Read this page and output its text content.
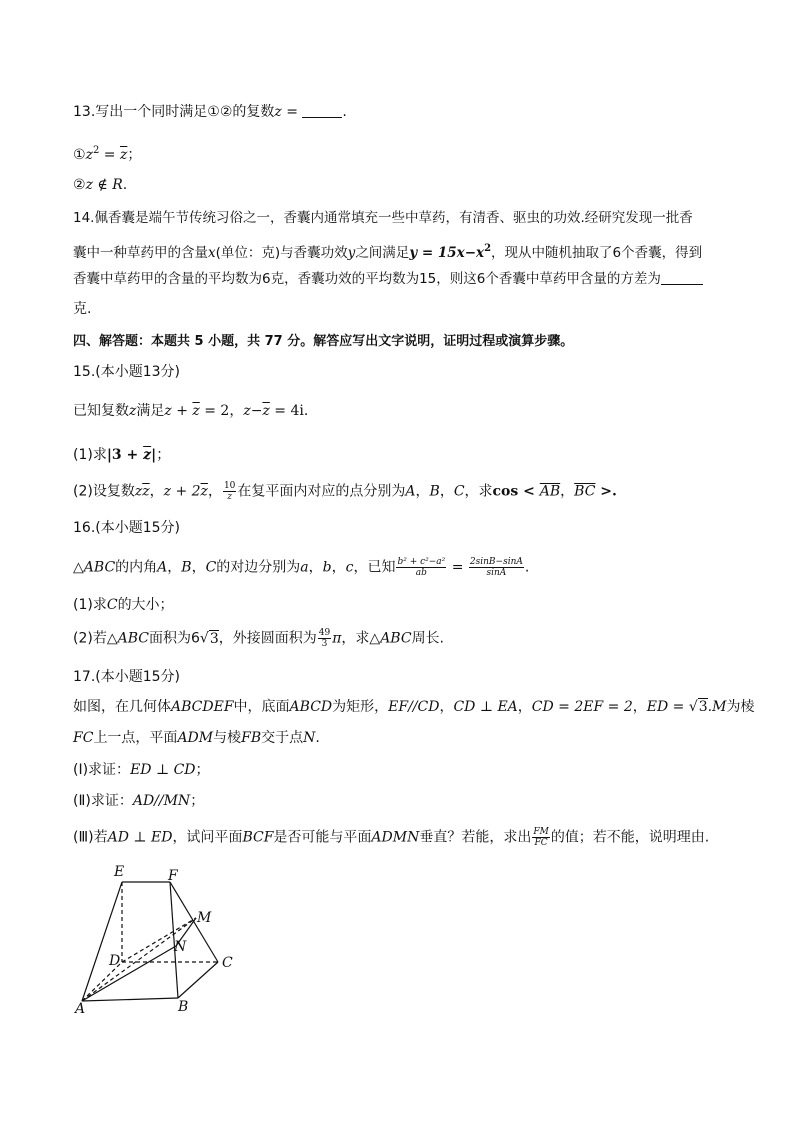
13.写出一个同时满足①②的复数z =	.
$①z^2 = \overline{z}$；
②z ∉ R.
14.佩香囊是端午节传统习俗之一，香囊内通常填充一些中草药，有清香、驱虫的功效.经研究发现一批香
囊中一种草药甲的含量x(单位：克)与香囊功效y之间满足$y = 15x-x^2$，现从中随机抽取了6个香囊，得到
香囊中草药甲的含量的平均数为6克，香囊功效的平均数为15，则这6个香囊中草药甲含量的方差为
克.
四、解答题：本题共 5 小题，共 77 分。解答应写出文字说明，证明过程或演算步骤。
15.(本小题13分)
已知复数z满足$z + \overline{z} = 2$，$z-\overline{z} = 4i$.
(1)求$|3 + \overline{z}|$；
(2)设复数$z\overline{z}$，$z + 2\overline{z}$， $\frac{10}{z}$ 在复平面内对应的点分别为A，B，C，求$\cos < \overline{AB}$，$\overline{BC}$ >.
16.(本小题15分)
△ABC的内角A，B，C的对边分别为a，b，c，已知 $\frac{\text{b² + c²−a²}}{ab} = \frac{2\sin B-\sin A}{\sin A}$ .
(1)求C的大小；
(2)若△ABC面积为6√3，外接圆面积为 $\frac{49}{3}$ π，求△ABC周长.
17.(本小题15分)
如图，在几何体ABCDEF中，底面ABCD为矩形，EF//CD，CD ⊥ EA，CD = 2EF = 2，ED = √3.M为棱
FC上一点，平面ADM与棱FB交于点N.
(Ⅰ)求证：ED ⊥ CD；
(Ⅱ)求证：AD//MN；
(Ⅲ)若AD ⊥ ED，试问平面BCF是否可能与平面ADMN垂直？若能，求出 $\frac{FM}{FC}$ 的值；若不能，说明理由.
E	F
M
N
D	C
A	B
